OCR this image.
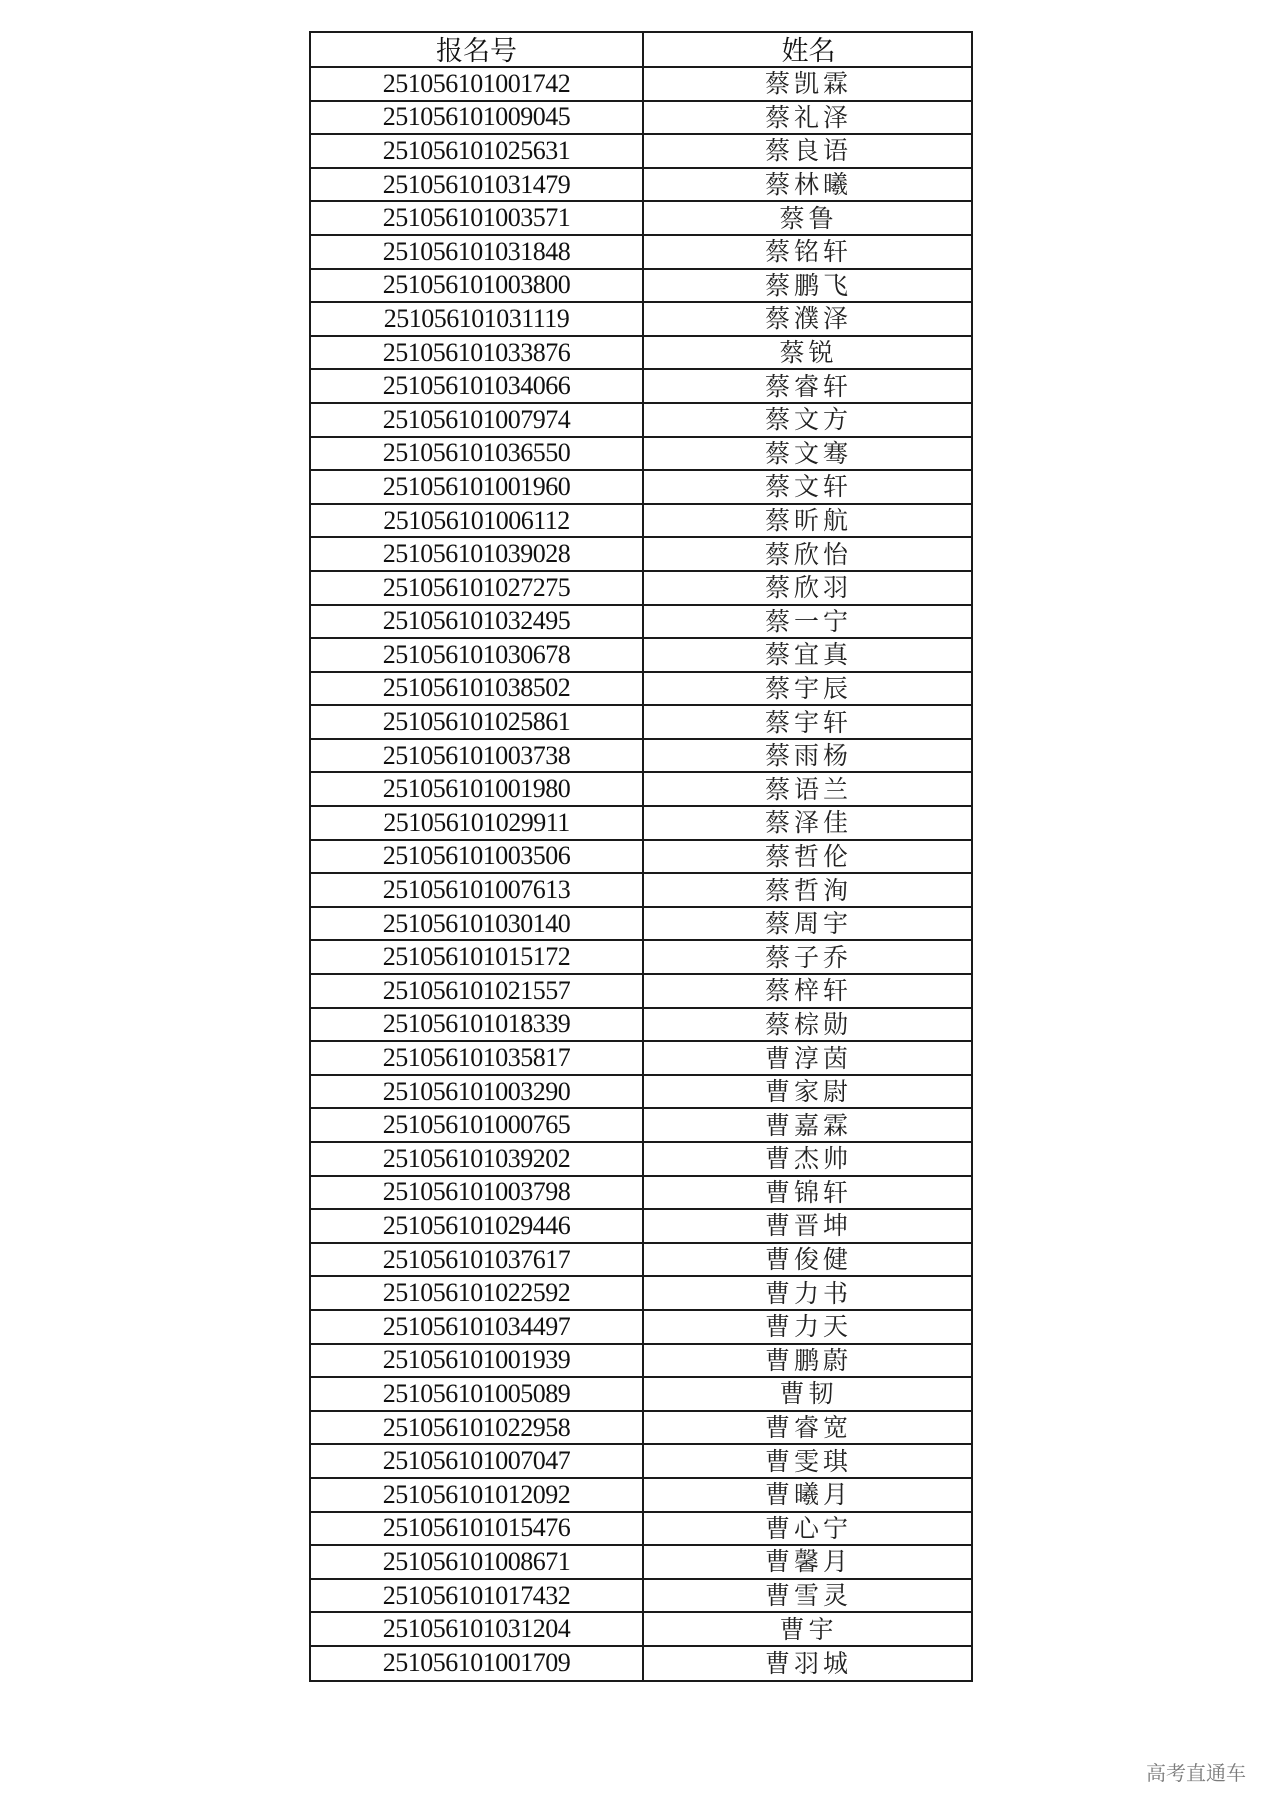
报名号	姓名
251056101001742	蔡凯霖
251056101009045	蔡礼泽
251056101025631	蔡良语
251056101031479	蔡林曦
251056101003571	蔡鲁
251056101031848	蔡铭轩
251056101003800	蔡鹏飞
251056101031119	蔡濮泽
251056101033876	蔡锐
251056101034066	蔡睿轩
251056101007974	蔡文方
251056101036550	蔡文骞
251056101001960	蔡文轩
251056101006112	蔡昕航
251056101039028	蔡欣怡
251056101027275	蔡欣羽
251056101032495	蔡一宁
251056101030678	蔡宜真
251056101038502	蔡宇辰
251056101025861	蔡宇轩
251056101003738	蔡雨杨
251056101001980	蔡语兰
251056101029911	蔡泽佳
251056101003506	蔡哲伦
251056101007613	蔡哲洵
251056101030140	蔡周宇
251056101015172	蔡子乔
251056101021557	蔡梓轩
251056101018339	蔡棕勋
251056101035817	曹淳茵
251056101003290	曹家尉
251056101000765	曹嘉霖
251056101039202	曹杰帅
251056101003798	曹锦轩
251056101029446	曹晋坤
251056101037617	曹俊健
251056101022592	曹力书
251056101034497	曹力天
251056101001939	曹鹏蔚
251056101005089	曹韧
251056101022958	曹睿宽
251056101007047	曹雯琪
251056101012092	曹曦月
251056101015476	曹心宁
251056101008671	曹馨月
251056101017432	曹雪灵
251056101031204	曹宇
251056101001709	曹羽城
高考直通车
